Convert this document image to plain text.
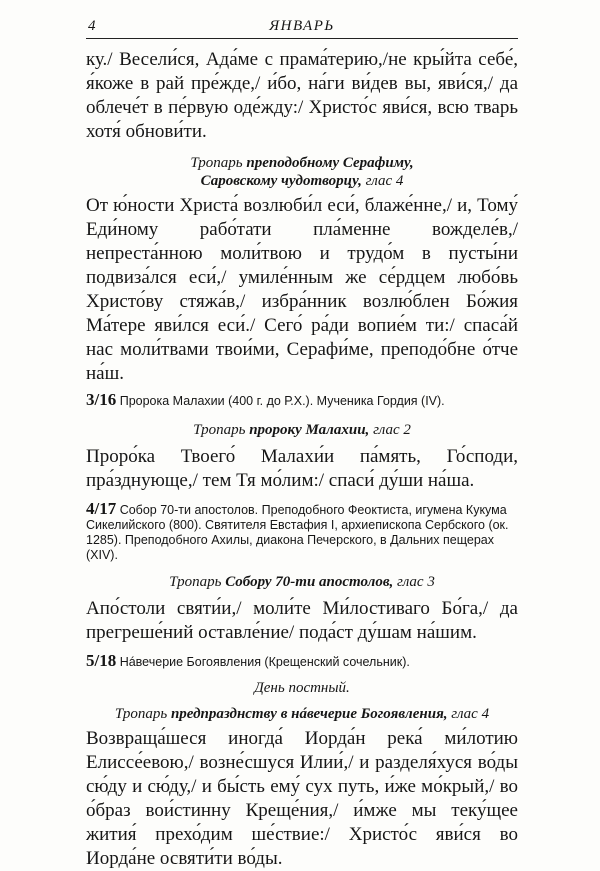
4	ЯНВАРЬ

ку./ Весели́ся, Ада́ме с прама́терию,/не кры́йта себе́, я́коже в рай пре́жде,/ и́бо, на́ги ви́дев вы, яви́ся,/ да облече́т в пе́рвую оде́жду:/ Христо́с яви́ся, всю тварь хотя́ обнови́ти.

Тропарь преподобному Серафиму,
Саровскому чудотворцу, глас 4

От ю́ности Христа́ возлюби́л еси́, блаже́нне,/ и, Тому́ Еди́ному рабо́тати пла́менне вожделе́в,/ непреста́нною моли́твою и трудо́м в пусты́ни подвиза́лся еси́,/ умиле́нным же се́рдцем любо́вь Христо́ву стяжа́в,/ избра́нник возлю́блен Бо́жия Ма́тере яви́лся еси́./ Сего́ ра́ди вопие́м ти:/ спаса́й нас моли́твами твои́ми, Серафи́ме, преподо́бне о́тче на́ш.

3/16 Пророка Малахии (400 г. до Р.Х.). Мученика Гордия (IV).

Тропарь пророку Малахии, глас 2

Проро́ка Твоего́ Малахи́и па́мять, Го́споди, пра́зднующе,/ тем Тя мо́лим:/ спаси́ ду́ши на́ша.

4/17 Собор 70-ти апостолов. Преподобного Феоктиста, игумена Кукума Сикелийского (800). Святителя Евстафия I, архиепископа Сербского (ок. 1285). Преподобного Ахилы, диакона Печерского, в Дальних пещерах (XIV).

Тропарь Собору 70-ти апостолов, глас 3

Апо́столи святи́и,/ моли́те Ми́лостиваго Бо́га,/ да прегреше́ний оставле́ние/ пода́ст ду́шам на́шим.

5/18 Нáвечерие Богоявления (Крещенский сочельник).

День постный.

Тропарь предпразднству в нáвечерие Богоявления, глас 4

Возвраща́шеся иногда́ Иорда́н река́ ми́лотию Елиссе́евою,/ возне́сшуся Илии́,/ и разделя́хуся во́ды сю́ду и сю́ду,/ и бы́сть ему́ сух путь, и́же мо́крый,/ во о́браз вои́стинну Креще́ния,/ и́мже мы теку́щее жития́ прехо́дим ше́ствие:/ Христо́с яви́ся во Иорда́не освяти́ти во́ды.
